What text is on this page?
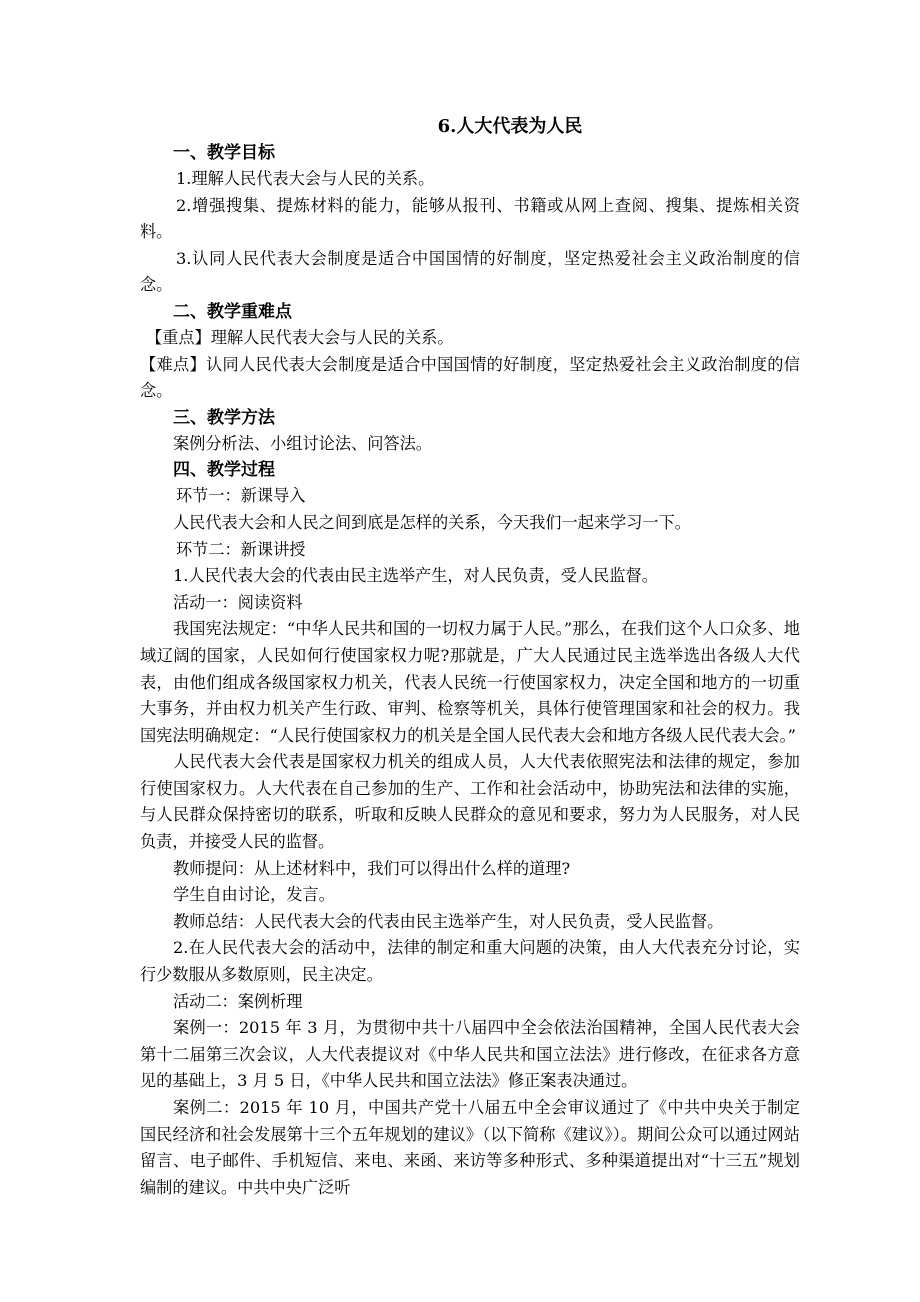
6.人大代表为人民
一、教学目标
1.理解人民代表大会与人民的关系。
2.增强搜集、提炼材料的能力，能够从报刊、书籍或从网上查阅、搜集、提炼相关资料。
3.认同人民代表大会制度是适合中国国情的好制度，坚定热爱社会主义政治制度的信念。
二、教学重难点
【重点】理解人民代表大会与人民的关系。
【难点】认同人民代表大会制度是适合中国国情的好制度，坚定热爱社会主义政治制度的信念。
三、教学方法
案例分析法、小组讨论法、问答法。
四、教学过程
环节一：新课导入
人民代表大会和人民之间到底是怎样的关系，今天我们一起来学习一下。
环节二：新课讲授
1.人民代表大会的代表由民主选举产生，对人民负责，受人民监督。
活动一：阅读资料
我国宪法规定：“中华人民共和国的一切权力属于人民。”那么，在我们这个人口众多、地域辽阔的国家，人民如何行使国家权力呢?那就是，广大人民通过民主选举选出各级人大代表，由他们组成各级国家权力机关，代表人民统一行使国家权力，决定全国和地方的一切重大事务，并由权力机关产生行政、审判、检察等机关，具体行使管理国家和社会的权力。我国宪法明确规定：“人民行使国家权力的机关是全国人民代表大会和地方各级人民代表大会。”
人民代表大会代表是国家权力机关的组成人员，人大代表依照宪法和法律的规定，参加行使国家权力。人大代表在自己参加的生产、工作和社会活动中，协助宪法和法律的实施，与人民群众保持密切的联系，听取和反映人民群众的意见和要求，努力为人民服务，对人民负责，并接受人民的监督。
教师提问：从上述材料中，我们可以得出什么样的道理?
学生自由讨论，发言。
教师总结：人民代表大会的代表由民主选举产生，对人民负责，受人民监督。
2.在人民代表大会的活动中，法律的制定和重大问题的决策，由人大代表充分讨论，实行少数服从多数原则，民主决定。
活动二：案例析理
案例一：2015 年 3 月，为贯彻中共十八届四中全会依法治国精神，全国人民代表大会第十二届第三次会议，人大代表提议对《中华人民共和国立法法》进行修改，在征求各方意见的基础上，3 月 5 日，《中华人民共和国立法法》修正案表决通过。
案例二：2015 年 10 月，中国共产党十八届五中全会审议通过了《中共中央关于制定国民经济和社会发展第十三个五年规划的建议》（以下简称《建议》）。期间公众可以通过网站留言、电子邮件、手机短信、来电、来函、来访等多种形式、多种渠道提出对“十三五”规划编制的建议。中共中央广泛听
